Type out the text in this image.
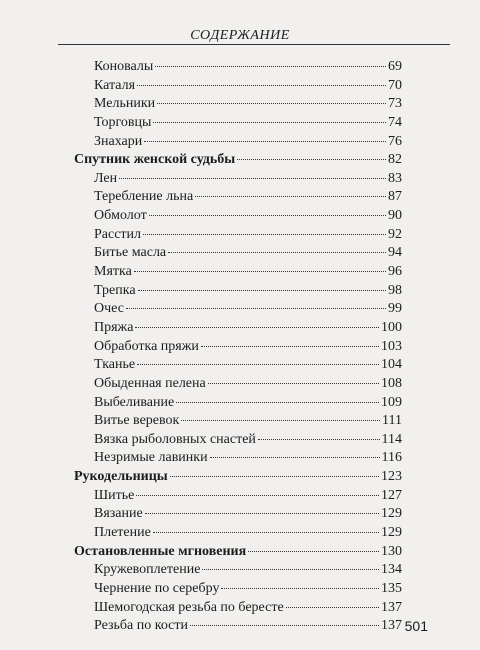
СОДЕРЖАНИЕ
Коновалы	69
Каталя	70
Мельники	73
Торговцы	74
Знахари	76
Спутник женской судьбы	82
Лен	83
Теребление льна	87
Обмолот	90
Расстил	92
Битье масла	94
Мятка	96
Трепка	98
Очес	99
Пряжа	100
Обработка пряжи	103
Тканье	104
Обыденная пелена	108
Выбеливание	109
Витье веревок	111
Вязка рыболовных снастей	114
Незримые лавинки	116
Рукодельницы	123
Шитье	127
Вязание	129
Плетение	129
Остановленные мгновения	130
Кружевоплетение	134
Чернение по серебру	135
Шемогодская резьба по бересте	137
Резьба по кости	137 501
